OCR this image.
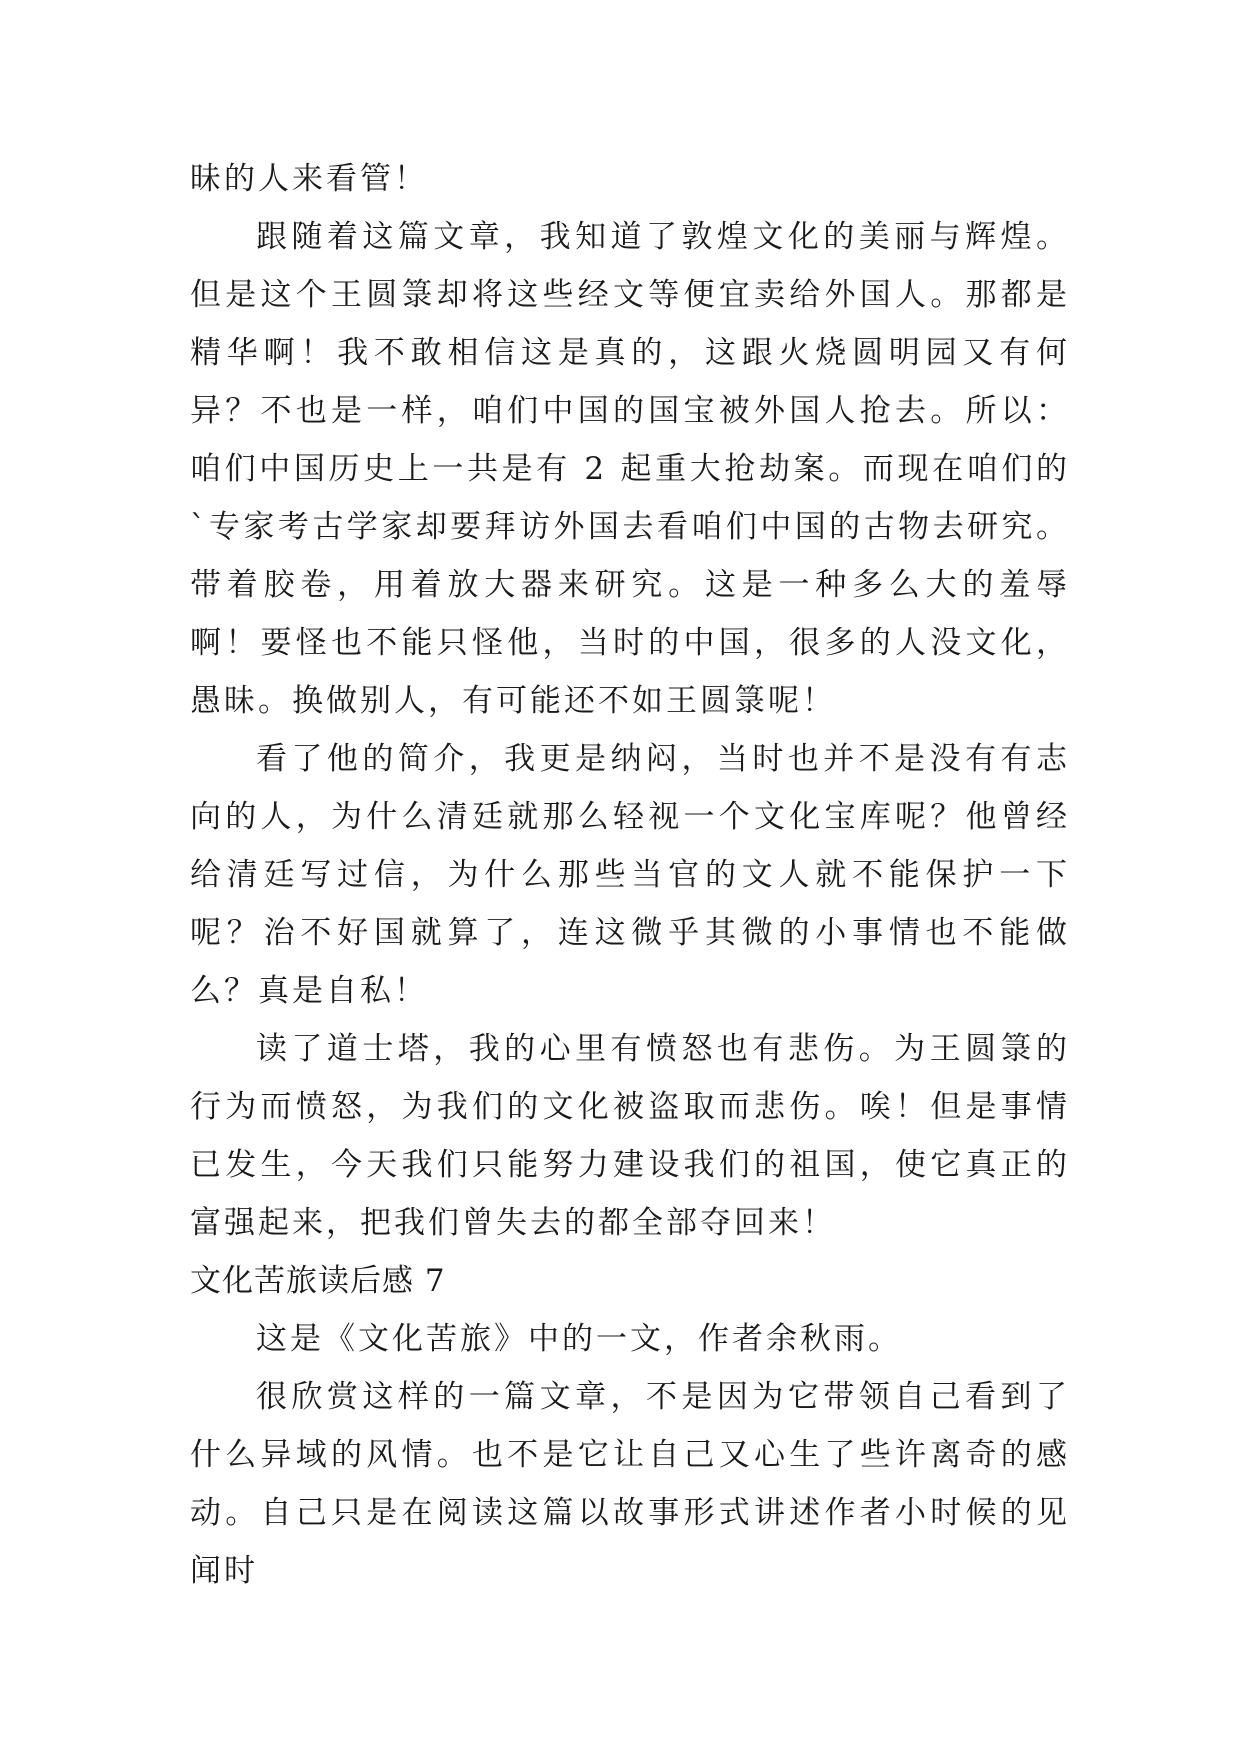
昧的人来看管！

跟随着这篇文章，我知道了敦煌文化的美丽与辉煌。但是这个王圆箓却将这些经文等便宜卖给外国人。那都是精华啊！我不敢相信这是真的，这跟火烧圆明园又有何异？不也是一样，咱们中国的国宝被外国人抢去。所以：咱们中国历史上一共是有 2 起重大抢劫案。而现在咱们的`专家考古学家却要拜访外国去看咱们中国的古物去研究。带着胶卷，用着放大器来研究。这是一种多么大的羞辱啊！要怪也不能只怪他，当时的中国，很多的人没文化，愚昧。换做别人，有可能还不如王圆箓呢！

看了他的简介，我更是纳闷，当时也并不是没有有志向的人，为什么清廷就那么轻视一个文化宝库呢？他曾经给清廷写过信，为什么那些当官的文人就不能保护一下呢？治不好国就算了，连这微乎其微的小事情也不能做么？真是自私！

读了道士塔，我的心里有愤怒也有悲伤。为王圆箓的行为而愤怒，为我们的文化被盗取而悲伤。唉！但是事情已发生，今天我们只能努力建设我们的祖国，使它真正的富强起来，把我们曾失去的都全部夺回来！

文化苦旅读后感 7

这是《文化苦旅》中的一文，作者余秋雨。

很欣赏这样的一篇文章，不是因为它带领自己看到了什么异域的风情。也不是它让自己又心生了些许离奇的感动。自己只是在阅读这篇以故事形式讲述作者小时候的见闻时
